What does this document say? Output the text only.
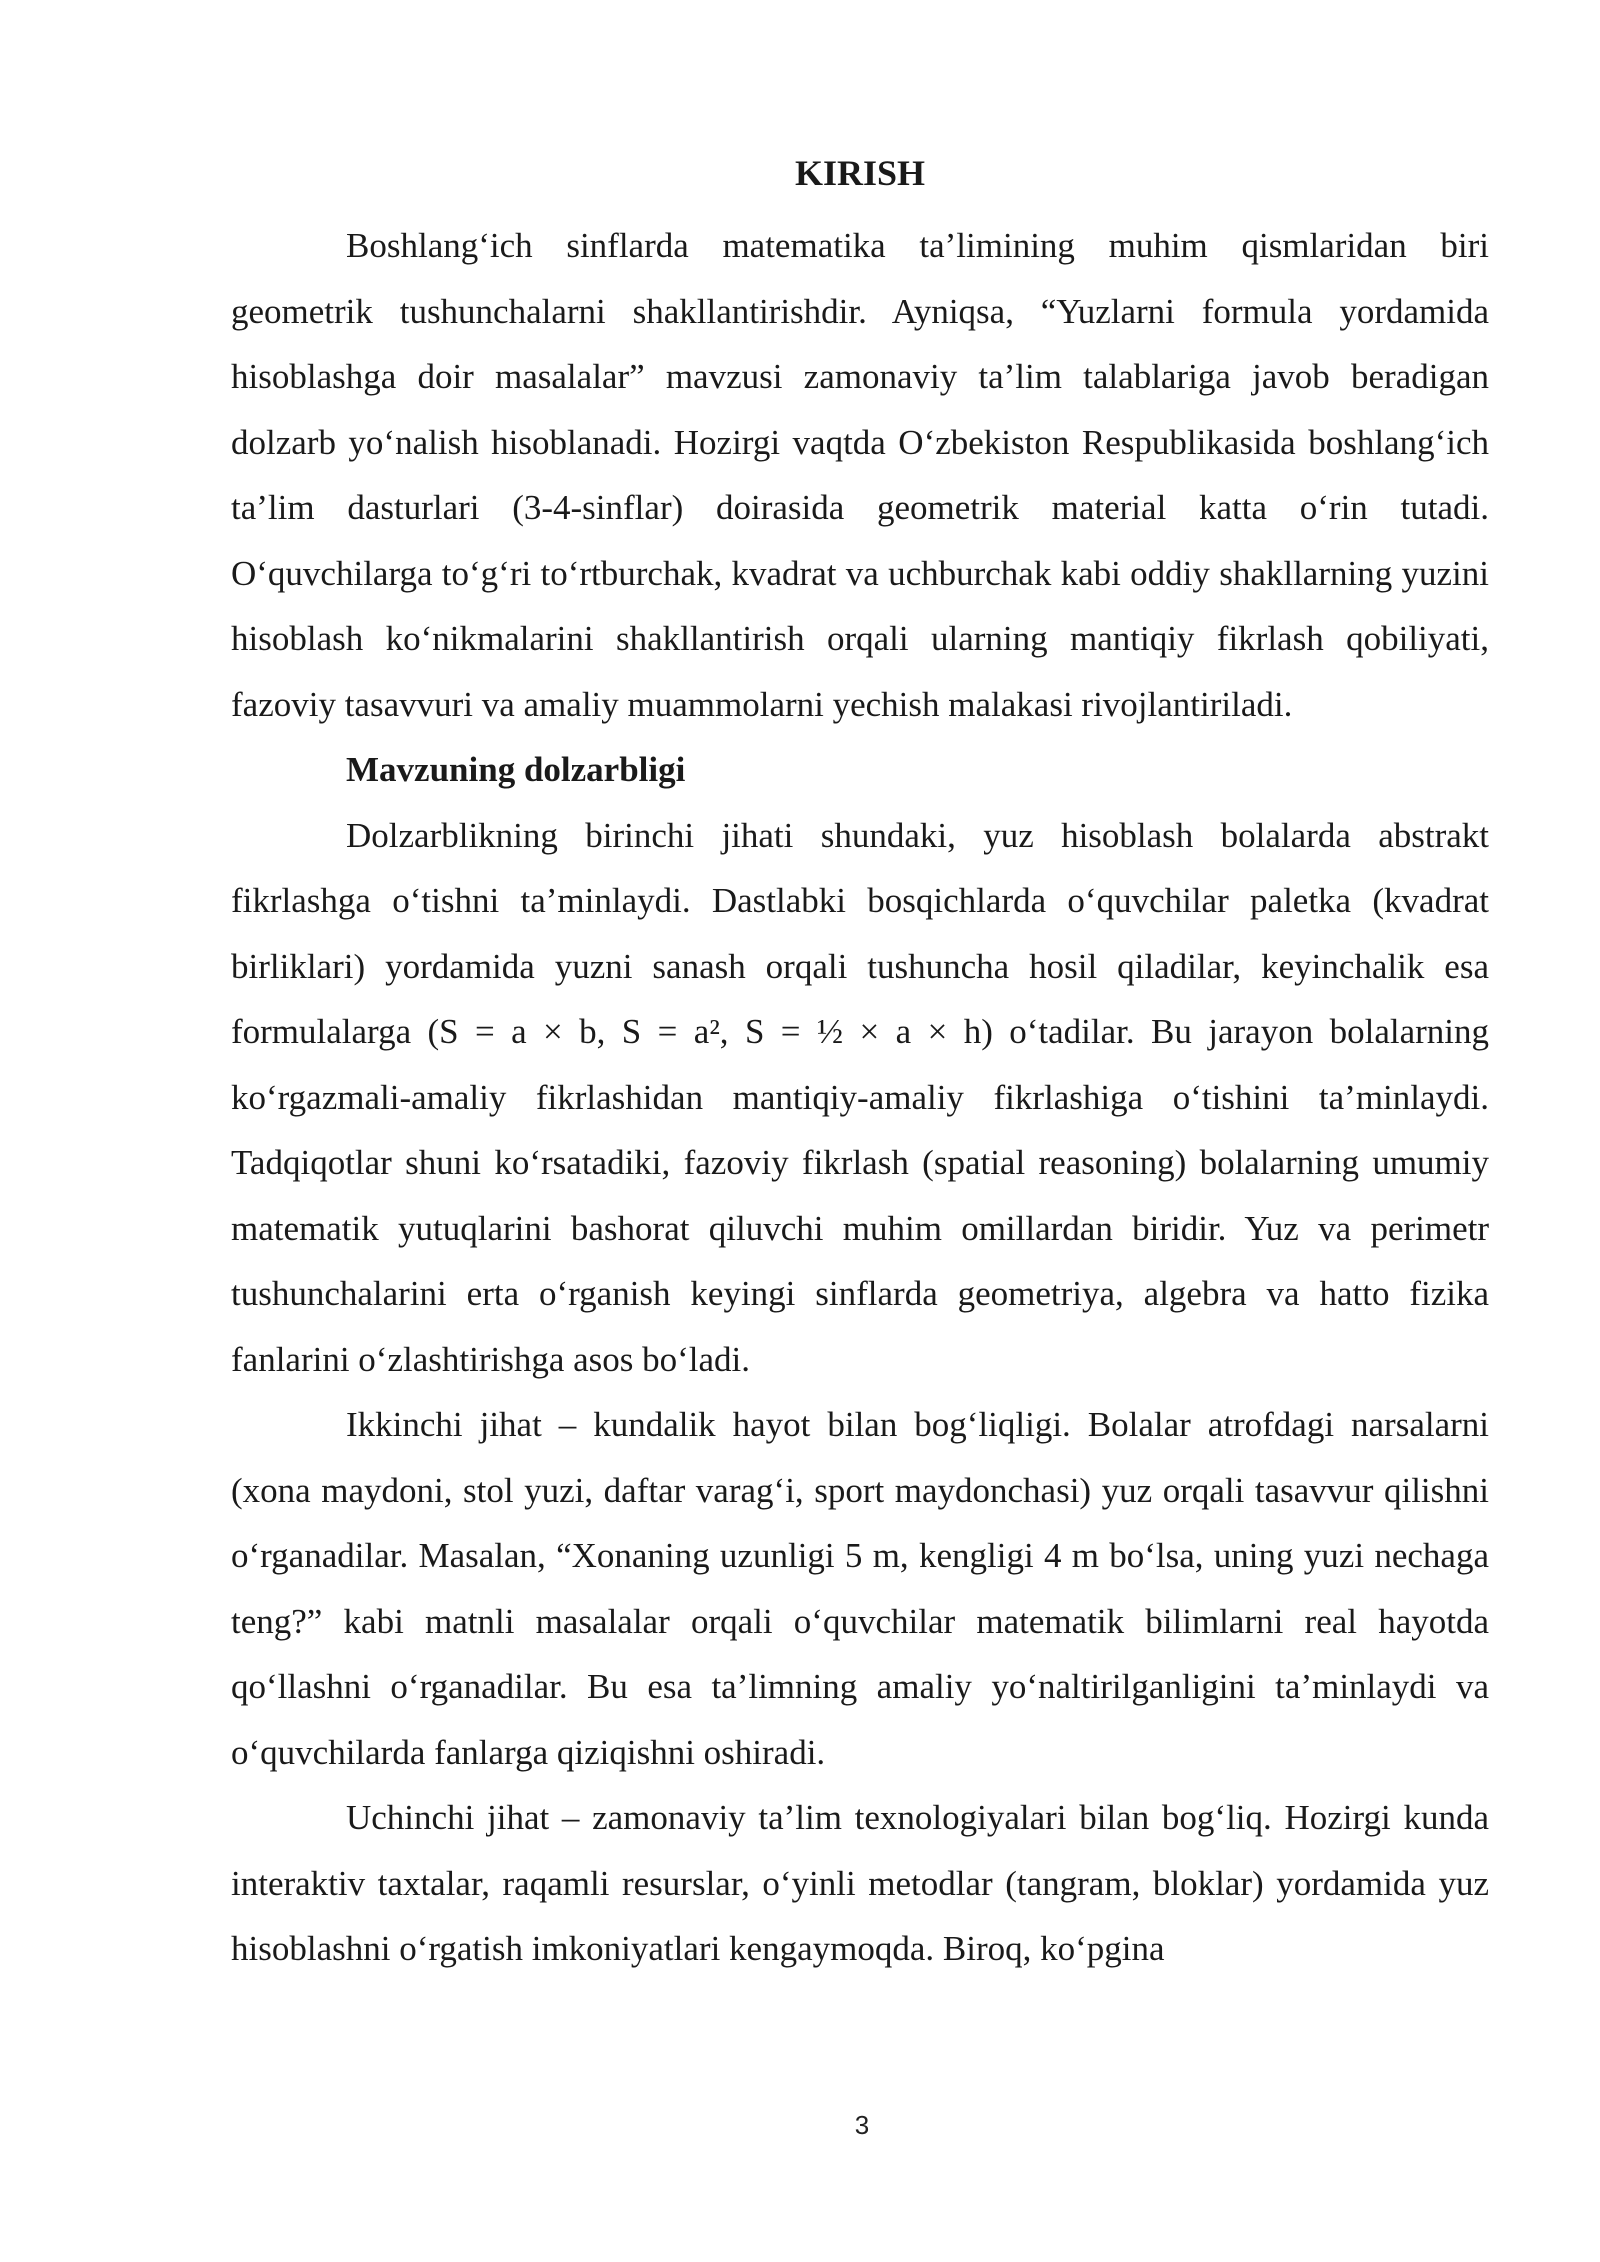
KIRISH

Boshlang‘ich sinflarda matematika ta’limining muhim qismlaridan biri geometrik tushunchalarni shakllantirishdir. Ayniqsa, “Yuzlarni formula yordamida hisoblashga doir masalalar” mavzusi zamonaviy ta’lim talablariga javob beradigan dolzarb yo‘nalish hisoblanadi. Hozirgi vaqtda O‘zbekiston Respublikasida boshlang‘ich ta’lim dasturlari (3-4-sinflar) doirasida geometrik material katta o‘rin tutadi. O‘quvchilarga to‘g‘ri to‘rtburchak, kvadrat va uchburchak kabi oddiy shakllarning yuzini hisoblash ko‘nikmalarini shakllantirish orqali ularning mantiqiy fikrlash qobiliyati, fazoviy tasavvuri va amaliy muammolarni yechish malakasi rivojlantiriladi.

Mavzuning dolzarbligi

Dolzarblikning birinchi jihati shundaki, yuz hisoblash bolalarda abstrakt fikrlashga o‘tishni ta’minlaydi. Dastlabki bosqichlarda o‘quvchilar paletka (kvadrat birliklari) yordamida yuzni sanash orqali tushuncha hosil qiladilar, keyinchalik esa formulalarga (S = a × b, S = a², S = ½ × a × h) o‘tadilar. Bu jarayon bolalarning ko‘rgazmali-amaliy fikrlashidan mantiqiy-amaliy fikrlashiga o‘tishini ta’minlaydi. Tadqiqotlar shuni ko‘rsatadiki, fazoviy fikrlash (spatial reasoning) bolalarning umumiy matematik yutuqlarini bashorat qiluvchi muhim omillardan biridir. Yuz va perimetr tushunchalarini erta o‘rganish keyingi sinflarda geometriya, algebra va hatto fizika fanlarini o‘zlashtirishga asos bo‘ladi.

Ikkinchi jihat – kundalik hayot bilan bog‘liqligi. Bolalar atrofdagi narsalarni (xona maydoni, stol yuzi, daftar varag‘i, sport maydonchasi) yuz orqali tasavvur qilishni o‘rganadilar. Masalan, “Xonaning uzunligi 5 m, kengligi 4 m bo‘lsa, uning yuzi nechaga teng?” kabi matnli masalalar orqali o‘quvchilar matematik bilimlarni real hayotda qo‘llashni o‘rganadilar. Bu esa ta’limning amaliy yo‘naltirilganligini ta’minlaydi va o‘quvchilarda fanlarga qiziqishni oshiradi.

Uchinchi jihat – zamonaviy ta’lim texnologiyalari bilan bog‘liq. Hozirgi kunda interaktiv taxtalar, raqamli resurslar, o‘yinli metodlar (tangram, bloklar) yordamida yuz hisoblashni o‘rgatish imkoniyatlari kengaymoqda. Biroq, ko‘pgina

3
